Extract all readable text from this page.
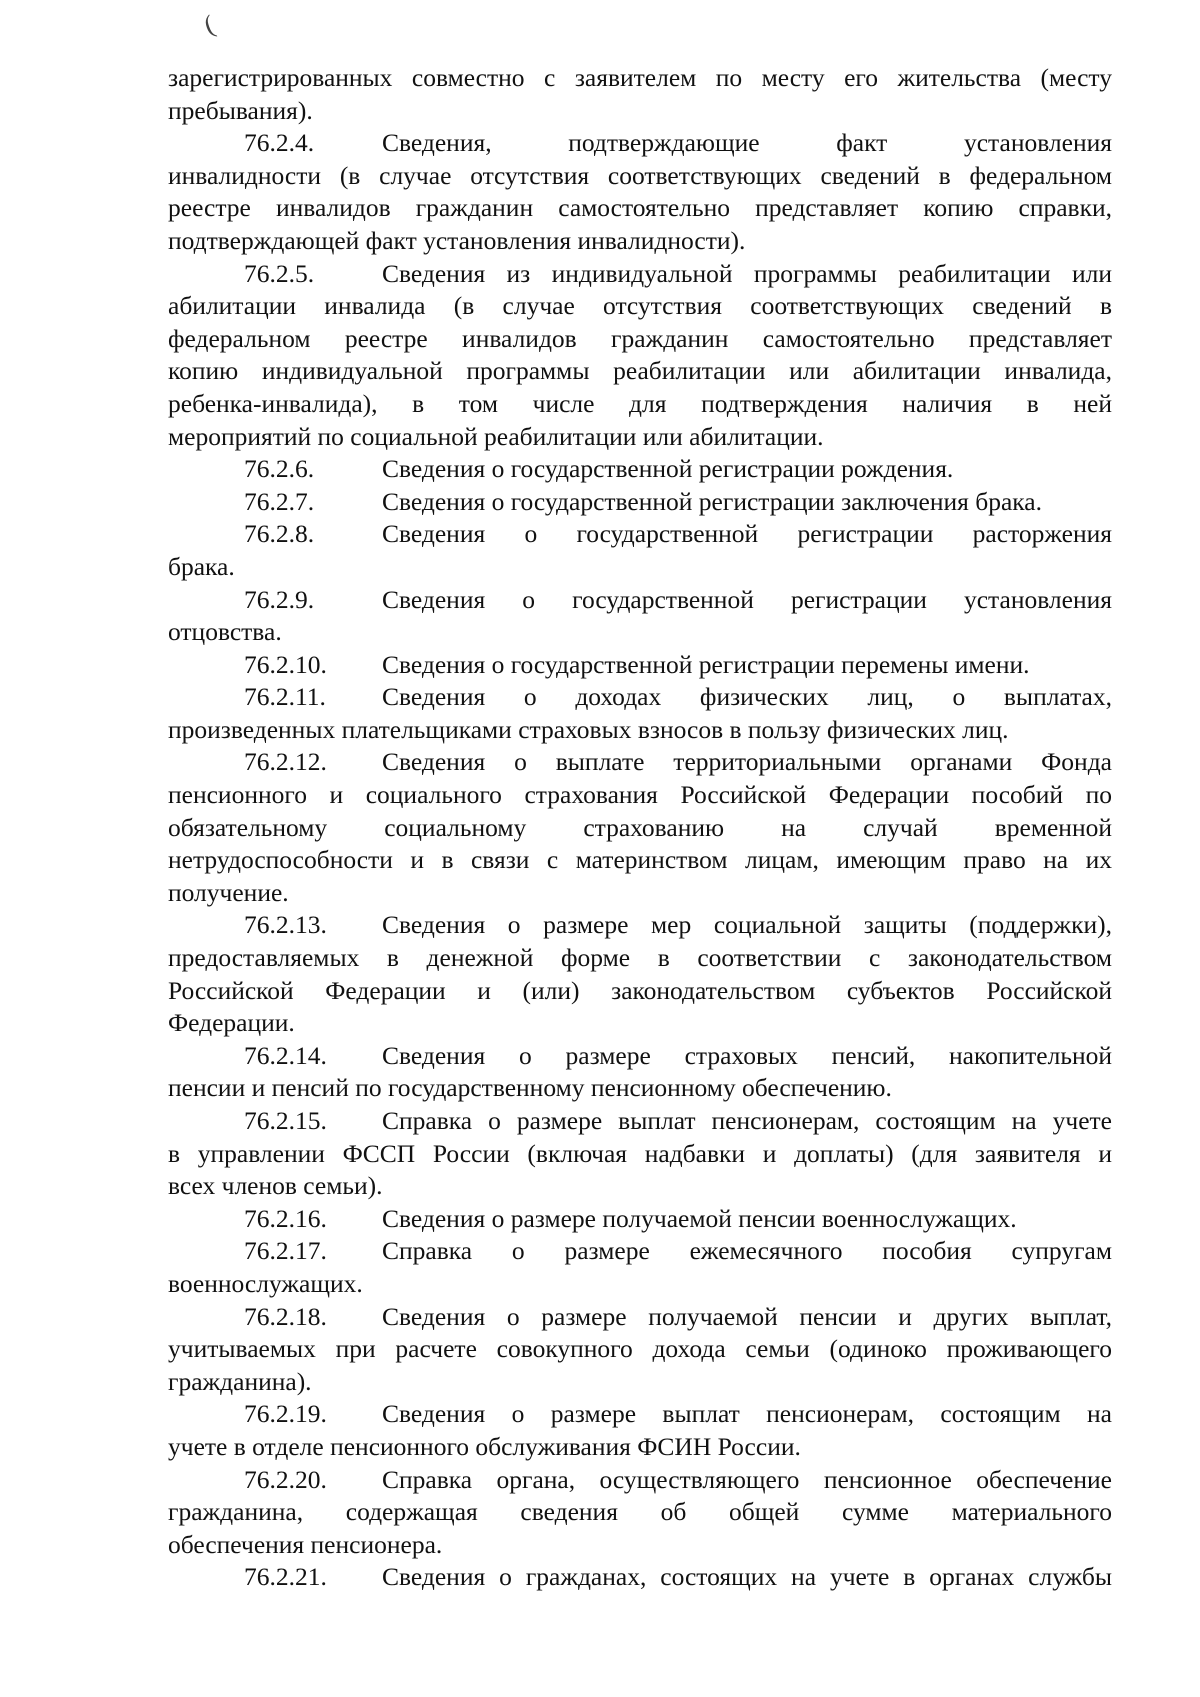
(
зарегистрированных совместно с заявителем по месту его жительства (месту
пребывания).
76.2.4.	Сведения, подтверждающие факт установления
инвалидности (в случае отсутствия соответствующих сведений в федеральном
реестре инвалидов гражданин самостоятельно представляет копию справки,
подтверждающей факт установления инвалидности).
76.2.5.	Сведения из индивидуальной программы реабилитации или
абилитации инвалида (в случае отсутствия соответствующих сведений в
федеральном реестре инвалидов гражданин самостоятельно представляет
копию индивидуальной программы реабилитации или абилитации инвалида,
ребенка-инвалида), в том числе для подтверждения наличия в ней
мероприятий по социальной реабилитации или абилитации.
76.2.6.	Сведения о государственной регистрации рождения.
76.2.7.	Сведения о государственной регистрации заключения брака.
76.2.8.	Сведения о государственной регистрации расторжения
брака.
76.2.9.	Сведения о государственной регистрации установления
отцовства.
76.2.10. Сведения о государственной регистрации перемены имени.
76.2.11. Сведения о доходах физических лиц, о выплатах,
произведенных плательщиками страховых взносов в пользу физических лиц.
76.2.12. Сведения о выплате территориальными органами Фонда
пенсионного и социального страхования Российской Федерации пособий по
обязательному социальному страхованию на случай временной
нетрудоспособности и в связи с материнством лицам, имеющим право на их
получение.
76.2.13. Сведения о размере мер социальной защиты (поддержки),
предоставляемых в денежной форме в соответствии с законодательством
Российской Федерации и (или) законодательством субъектов Российской
Федерации.
76.2.14. Сведения о размере страховых пенсий, накопительной
пенсии и пенсий по государственному пенсионному обеспечению.
76.2.15. Справка о размере выплат пенсионерам, состоящим на учете
в управлении ФССП России (включая надбавки и доплаты) (для заявителя и
всех членов семьи).
76.2.16. Сведения о размере получаемой пенсии военнослужащих.
76.2.17. Справка о размере ежемесячного пособия супругам
военнослужащих.
76.2.18. Сведения о размере получаемой пенсии и других выплат,
учитываемых при расчете совокупного дохода семьи (одиноко проживающего
гражданина).
76.2.19. Сведения о размере выплат пенсионерам, состоящим на
учете в отделе пенсионного обслуживания ФСИН России.
76.2.20. Справка органа, осуществляющего пенсионное обеспечение
гражданина, содержащая сведения об общей сумме материального
обеспечения пенсионера.
76.2.21. Сведения о гражданах, состоящих на учете в органах службы
